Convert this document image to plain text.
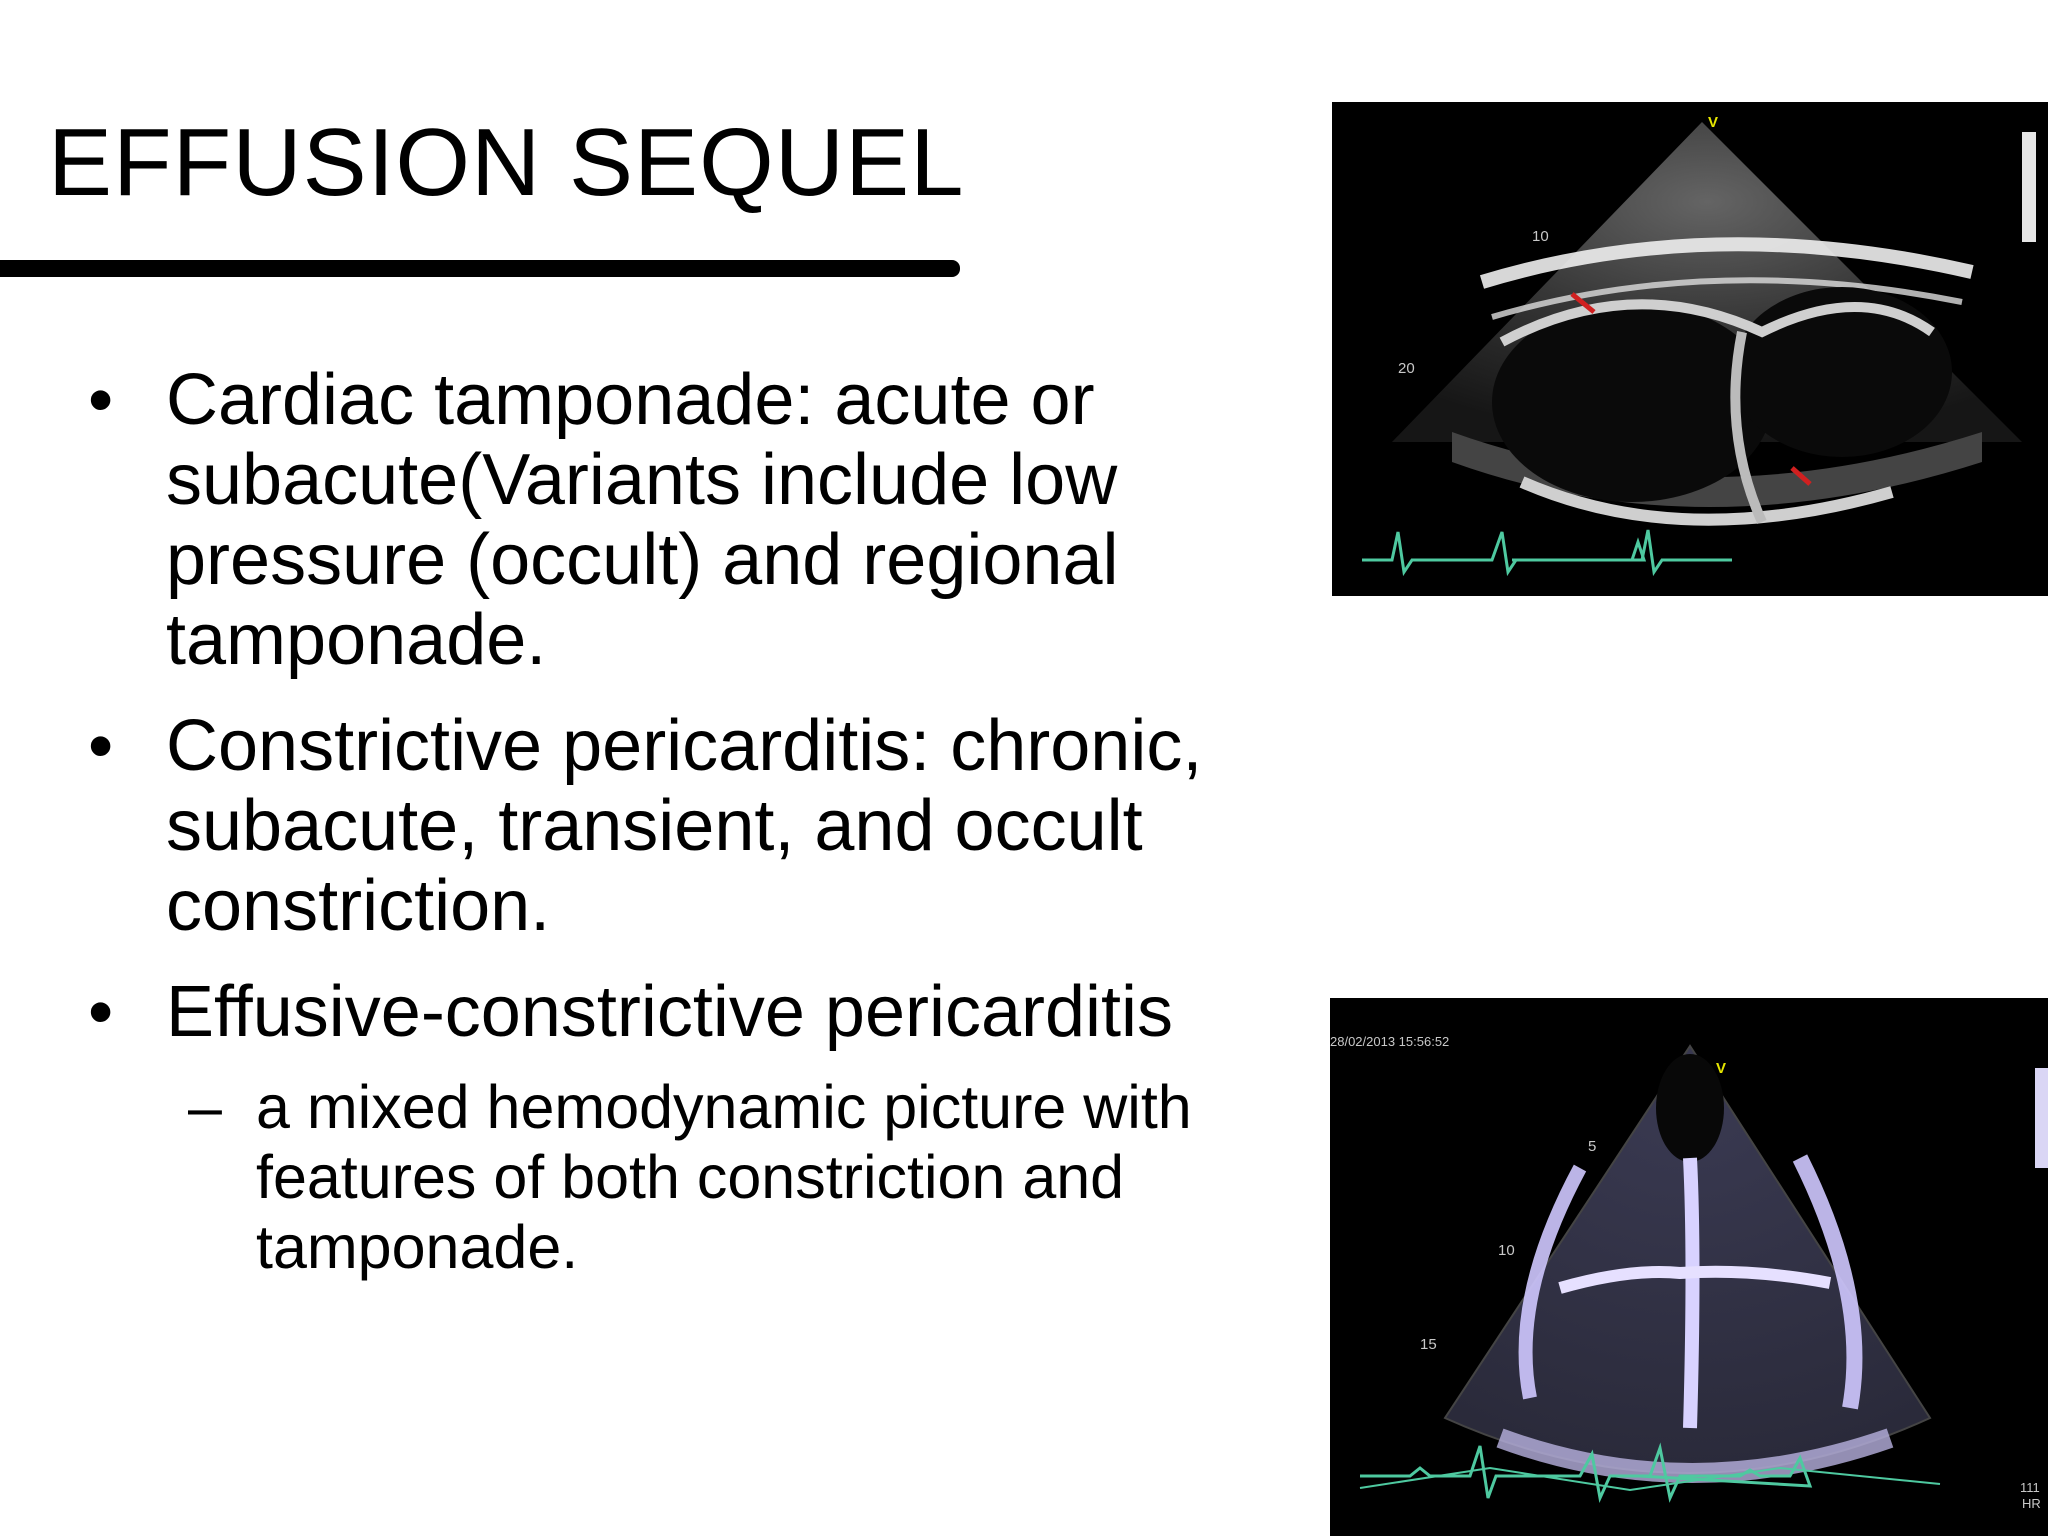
EFFUSION SEQUEL
• Cardiac tamponade: acute or subacute(Variants include low pressure (occult) and regional tamponade.
• Constrictive pericarditis: chronic, subacute, transient, and occult constriction.
• Effusive-constrictive pericarditis
– a mixed hemodynamic picture with features of both constriction and tamponade.
10
20
V
28/02/2013 15:56:52
5
10
15
V
111
HR
